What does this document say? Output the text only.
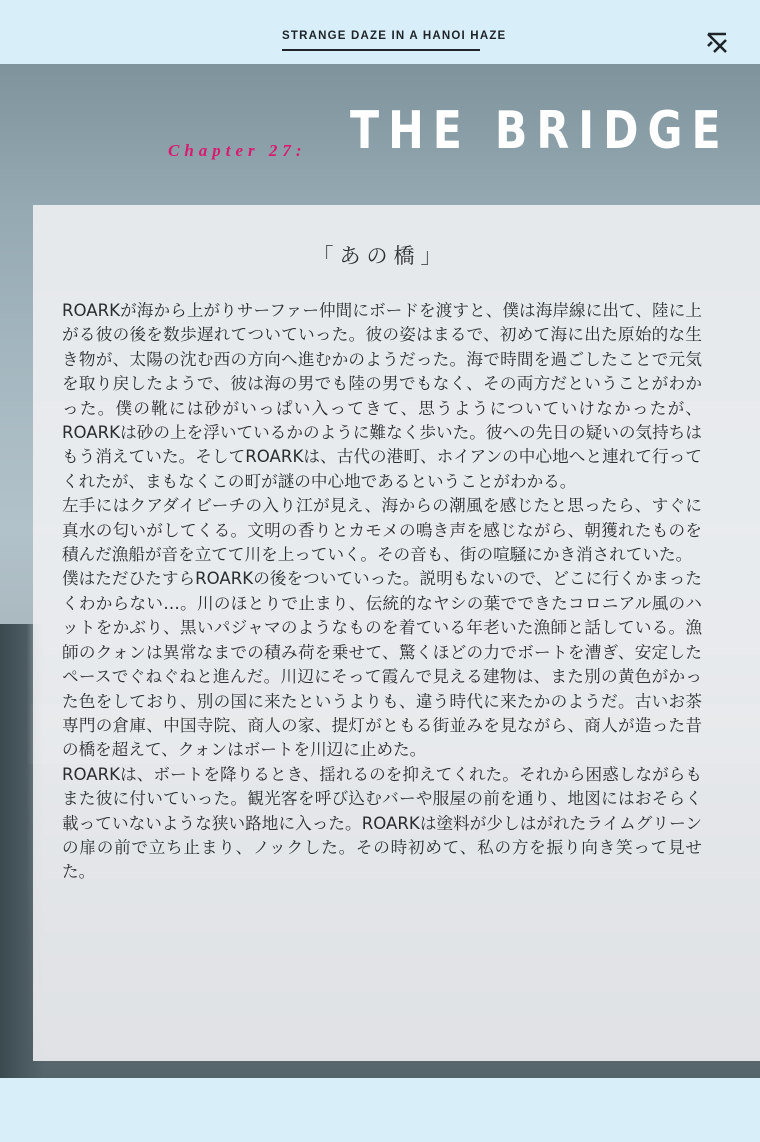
STRANGE DAZE IN A HANOI HAZE
Chapter 27: THE BRIDGE
「あの橋」

ROARKが海から上がりサーファー仲間にボードを渡すと、僕は海岸線に出て、陸に上がる彼の後を数歩遅れてついていった。彼の姿はまるで、初めて海に出た原始的な生き物が、太陽の沈む西の方向へ進むかのようだった。海で時間を過ごしたことで元気を取り戻したようで、彼は海の男でも陸の男でもなく、その両方だということがわかった。僕の靴には砂がいっぱい入ってきて、思うようについていけなかったが、ROARKは砂の上を浮いているかのように難なく歩いた。彼への先日の疑いの気持ちはもう消えていた。そしてROARKは、古代の港町、ホイアンの中心地へと連れて行ってくれたが、まもなくこの町が謎の中心地であるということがわかる。

左手にはクアダイビーチの入り江が見え、海からの潮風を感じたと思ったら、すぐに真水の匂いがしてくる。文明の香りとカモメの鳴き声を感じながら、朝獲れたものを積んだ漁船が音を立てて川を上っていく。その音も、街の喧騒にかき消されていた。

僕はただひたすらROARKの後をついていった。説明もないので、どこに行くかまったくわからない…。川のほとりで止まり、伝統的なヤシの葉でできたコロニアル風のハットをかぶり、黒いパジャマのようなものを着ている年老いた漁師と話している。漁師のクォンは異常なまでの積み荷を乗せて、驚くほどの力でボートを漕ぎ、安定したペースでぐねぐねと進んだ。川辺にそって霞んで見える建物は、また別の黄色がかった色をしており、別の国に来たというよりも、違う時代に来たかのようだ。古いお茶専門の倉庫、中国寺院、商人の家、提灯がともる街並みを見ながら、商人が造った昔の橋を超えて、クォンはボートを川辺に止めた。

ROARKは、ボートを降りるとき、揺れるのを抑えてくれた。それから困惑しながらもまた彼に付いていった。観光客を呼び込むバーや服屋の前を通り、地図にはおそらく載っていないような狭い路地に入った。ROARKは塗料が少しはがれたライムグリーンの扉の前で立ち止まり、ノックした。その時初めて、私の方を振り向き笑って見せた。
